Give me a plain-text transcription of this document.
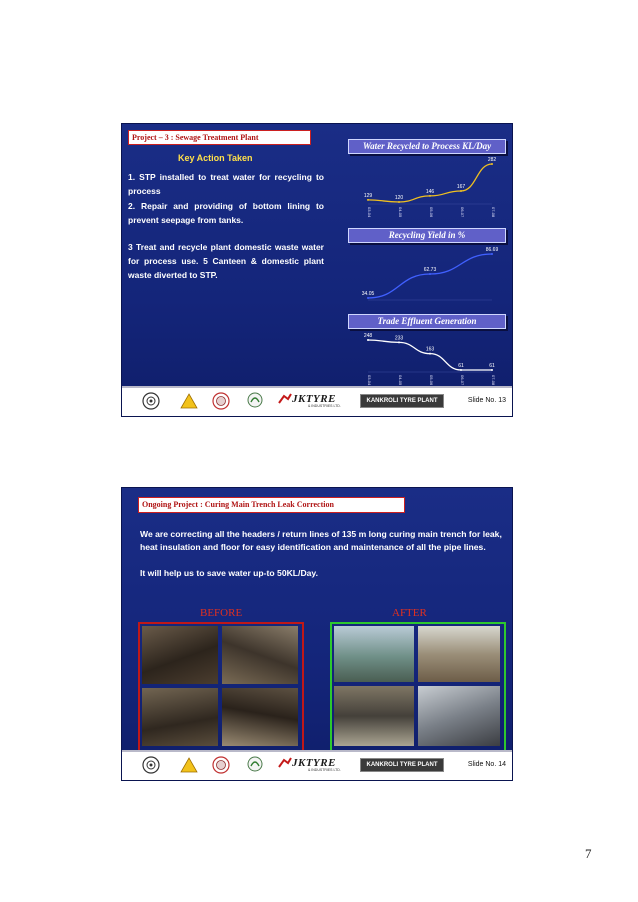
Project – 3 : Sewage Treatment Plant
Key Action Taken
1. STP installed to treat water for recycling to process
2. Repair and providing of bottom lining to prevent seepage from tanks.
3 Treat and recycle plant domestic waste water for process use. 5 Canteen & domestic plant waste diverted to STP.
Water Recycled to Process KL/Day
129
03-04
120
04-05
146
05-06
167
06-07
282
07-08
Recycling Yield in %
34.05
62.73
86.69
Trade Effluent Generation
248
03-04
233
04-05
163
05-06
61
06-07
61
07-08
JKTYRE
& INDUSTRIES LTD.
KANKROLI TYRE PLANT	Slide No. 13
Ongoing Project : Curing Main Trench Leak Correction
We are correcting all the headers / return lines of 135 m long curing main trench for leak, heat insulation and floor for easy identification and maintenance of all the pipe lines.
It will help us to save water up-to 50KL/Day.
BEFORE	AFTER
JKTYRE
& INDUSTRIES LTD.
KANKROLI TYRE PLANT	Slide No. 14
7
